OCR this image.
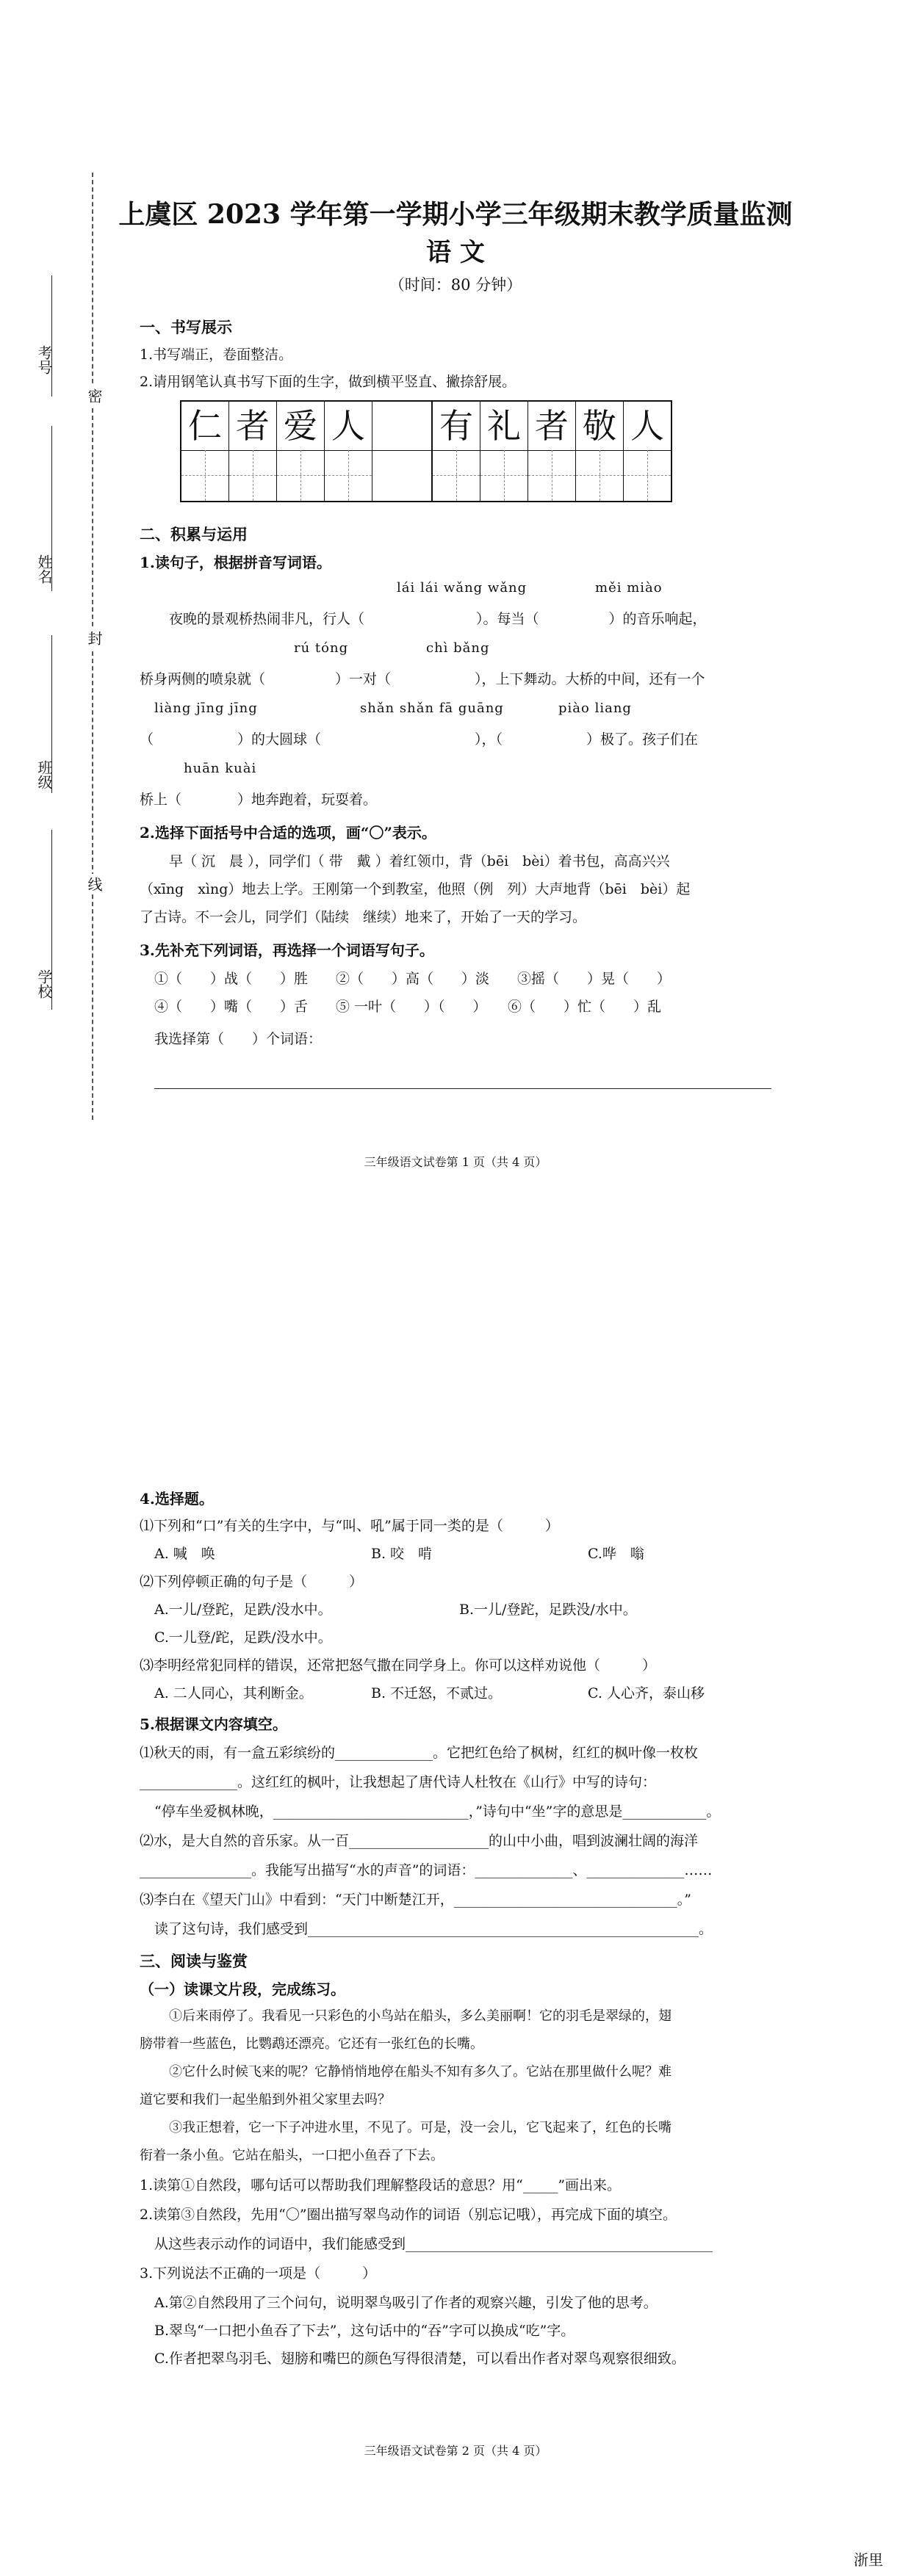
考号
密
姓名
封
班级
线
学校
上虞区 2023 学年第一学期小学三年级期末教学质量监测
语 文
（时间：80 分钟）
一、书写展示
1.书写端正，卷面整洁。
2.请用钢笔认真书写下面的生字，做到横平竖直、撇捺舒展。
仁 者 爱 人 有 礼 者 敬 人
二、积累与运用
1.读句子，根据拼音写词语。
lái lái wǎng wǎng	měi miào
夜晚的景观桥热闹非凡，行人（　　　　　　　　）。每当（　　　　　）的音乐响起，
rú tóng	chì bǎng
桥身两侧的喷泉就（　　　　　）一对（　　　　　　），上下舞动。大桥的中间，还有一个
liàng jīng jīng	shǎn shǎn fā guāng	piào liang
（　　　　　　）的大圆球（　　　　　　　　　　　），（　　　　　　）极了。孩子们在
huān kuài
桥上（　　　　）地奔跑着，玩耍着。
2.选择下面括号中合适的选项，画“〇”表示。
早（ 沉　晨 ），同学们（ 带　戴 ）着红领巾，背（bēi　bèi）着书包，高高兴兴
（xīng　xìng）地去上学。王刚第一个到教室，他照（例　列）大声地背（bēi　bèi）起
了古诗。不一会儿，同学们（陆续　继续）地来了，开始了一天的学习。
3.先补充下列词语，再选择一个词语写句子。
①（　　）战（　　）胜　　②（　　）高（　　）淡　　③摇（　　）晃（　　）
④（　　）嘴（　　）舌　　⑤ 一叶（　　）（　　）　　⑥（　　）忙（　　）乱
我选择第（　　）个词语：
三年级语文试卷第 1 页（共 4 页）
4.选择题。
⑴下列和“口”有关的生字中，与“叫、吼”属于同一类的是（　　　）
A. 喊　唤	B. 咬　啃	C.哗　嗡
⑵下列停顿正确的句子是（　　　）
A.一儿/登跎，足跌/没水中。	B.一儿/登跎，足跌没/水中。
C.一儿登/跎，足跌/没水中。
⑶李明经常犯同样的错误，还常把怒气撒在同学身上。你可以这样劝说他（　　　）
A. 二人同心，其利断金。	B. 不迁怒，不贰过。	C. 人心齐，泰山移
5.根据课文内容填空。
⑴秋天的雨，有一盒五彩缤纷的______________。它把红色给了枫树，红红的枫叶像一枚枚
______________。这红红的枫叶，让我想起了唐代诗人杜牧在《山行》中写的诗句：
“停车坐爱枫林晚，____________________________，”诗句中“坐”字的意思是____________。
⑵水，是大自然的音乐家。从一百____________________的山中小曲，唱到波澜壮阔的海洋
________________。我能写出描写“水的声音”的词语：______________、______________……
⑶李白在《望天门山》中看到：“天门中断楚江开，________________________________。”
读了这句诗，我们感受到________________________________________________________。
三、阅读与鉴赏
（一）读课文片段，完成练习。
①后来雨停了。我看见一只彩色的小鸟站在船头，多么美丽啊！它的羽毛是翠绿的，翅
膀带着一些蓝色，比鹦鹉还漂亮。它还有一张红色的长嘴。
②它什么时候飞来的呢？它静悄悄地停在船头不知有多久了。它站在那里做什么呢？难
道它要和我们一起坐船到外祖父家里去吗？
③我正想着，它一下子冲进水里，不见了。可是，没一会儿，它飞起来了，红色的长嘴
衔着一条小鱼。它站在船头，一口把小鱼吞了下去。
1.读第①自然段，哪句话可以帮助我们理解整段话的意思？用“_____”画出来。
2.读第③自然段，先用“〇”圈出描写翠鸟动作的词语（别忘记哦），再完成下面的填空。
从这些表示动作的词语中，我们能感受到____________________________________________
3.下列说法不正确的一项是（　　　）
A.第②自然段用了三个问句，说明翠鸟吸引了作者的观察兴趣，引发了他的思考。
B.翠鸟“一口把小鱼吞了下去”，这句话中的“吞”字可以换成“吃”字。
C.作者把翠鸟羽毛、翅膀和嘴巴的颜色写得很清楚，可以看出作者对翠鸟观察很细致。
三年级语文试卷第 2 页（共 4 页）
浙里
